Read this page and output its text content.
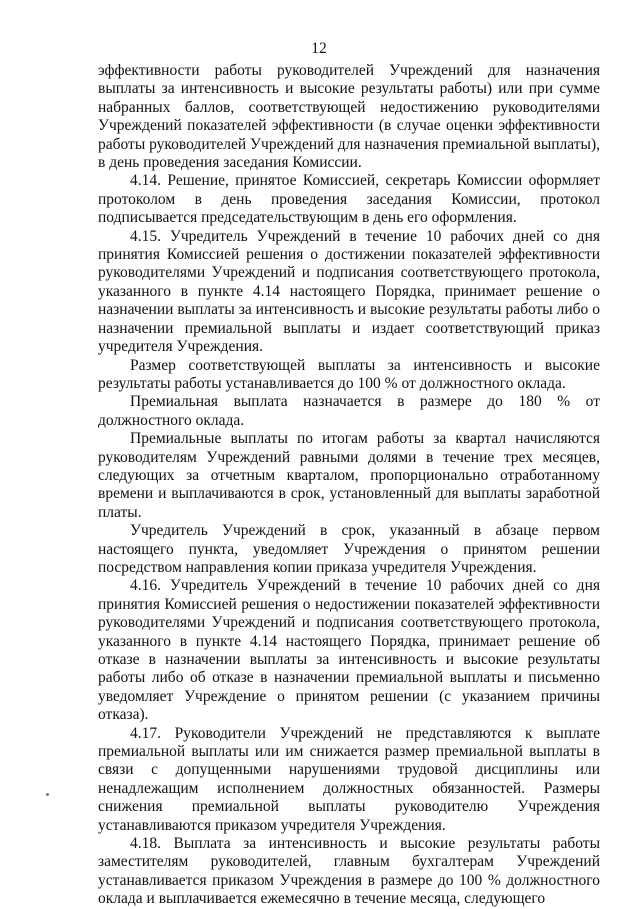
12

эффективности работы руководителей Учреждений для назначения выплаты за интенсивность и высокие результаты работы) или при сумме набранных баллов, соответствующей недостижению руководителями Учреждений показателей эффективности (в случае оценки эффективности работы руководителей Учреждений для назначения премиальной выплаты), в день проведения заседания Комиссии.

4.14. Решение, принятое Комиссией, секретарь Комиссии оформляет протоколом в день проведения заседания Комиссии, протокол подписывается председательствующим в день его оформления.

4.15. Учредитель Учреждений в течение 10 рабочих дней со дня принятия Комиссией решения о достижении показателей эффективности руководителями Учреждений и подписания соответствующего протокола, указанного в пункте 4.14 настоящего Порядка, принимает решение о назначении выплаты за интенсивность и высокие результаты работы либо о назначении премиальной выплаты и издает соответствующий приказ учредителя Учреждения.

Размер соответствующей выплаты за интенсивность и высокие результаты работы устанавливается до 100 % от должностного оклада.

Премиальная выплата назначается в размере до 180 % от должностного оклада.

Премиальные выплаты по итогам работы за квартал начисляются руководителям Учреждений равными долями в течение трех месяцев, следующих за отчетным кварталом, пропорционально отработанному времени и выплачиваются в срок, установленный для выплаты заработной платы.

Учредитель Учреждений в срок, указанный в абзаце первом настоящего пункта, уведомляет Учреждения о принятом решении посредством направления копии приказа учредителя Учреждения.

4.16. Учредитель Учреждений в течение 10 рабочих дней со дня принятия Комиссией решения о недостижении показателей эффективности руководителями Учреждений и подписания соответствующего протокола, указанного в пункте 4.14 настоящего Порядка, принимает решение об отказе в назначении выплаты за интенсивность и высокие результаты работы либо об отказе в назначении премиальной выплаты и письменно уведомляет Учреждение о принятом решении (с указанием причины отказа).

4.17. Руководители Учреждений не представляются к выплате премиальной выплаты или им снижается размер премиальной выплаты в связи с допущенными нарушениями трудовой дисциплины или ненадлежащим исполнением должностных обязанностей. Размеры снижения премиальной выплаты руководителю Учреждения устанавливаются приказом учредителя Учреждения.

4.18. Выплата за интенсивность и высокие результаты работы заместителям руководителей, главным бухгалтерам Учреждений устанавливается приказом Учреждения в размере до 100 % должностного оклада и выплачивается ежемесячно в течение месяца, следующего
